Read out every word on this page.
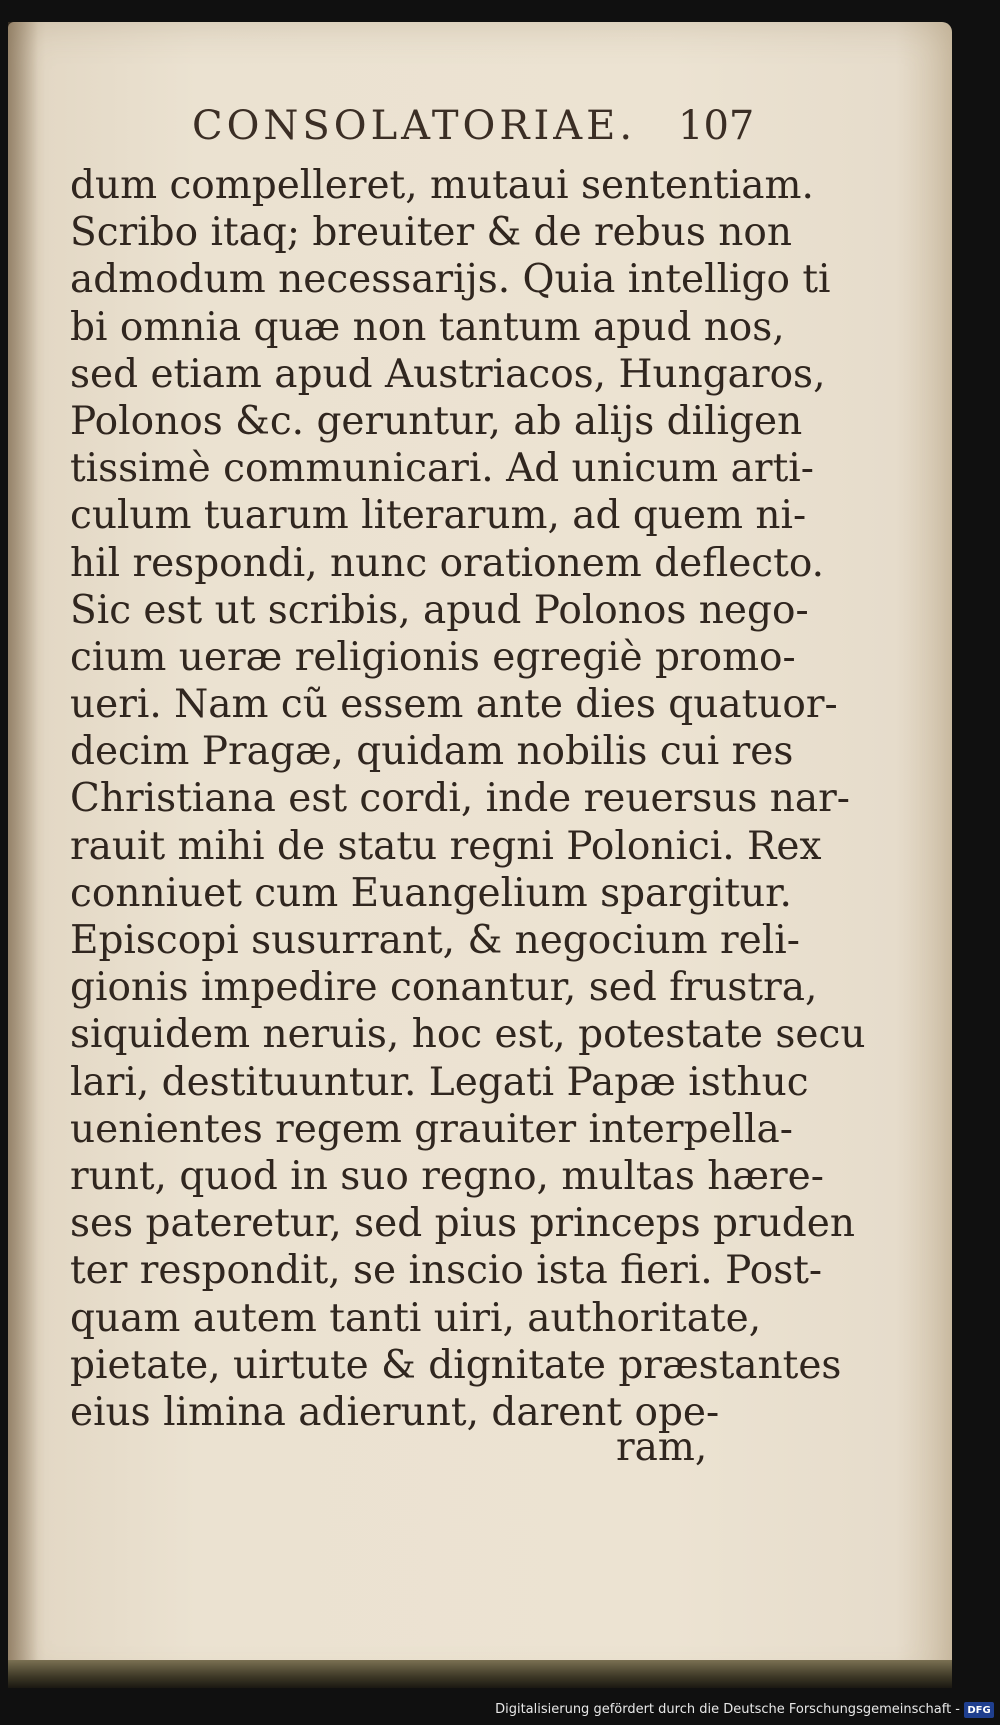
CONSOLATORIAE. 107
dum compelleret, mutaui sententiam.
Scribo itaq; breuiter & de rebus non
admodum necessarijs. Quia intelligo ti
bi omnia quæ non tantum apud nos,
sed etiam apud Austriacos, Hungaros,
Polonos &c. geruntur, ab alijs diligen
tissimè communicari. Ad unicum arti-
culum tuarum literarum, ad quem ni-
hil respondi, nunc orationem deflecto.
Sic est ut scribis, apud Polonos nego-
cium ueræ religionis egregiè promo-
ueri. Nam cũ essem ante dies quatuor-
decim Pragæ, quidam nobilis cui res
Christiana est cordi, inde reuersus nar-
rauit mihi de statu regni Polonici. Rex
conniuet cum Euangelium spargitur.
Episcopi susurrant, & negocium reli-
gionis impedire conantur, sed frustra,
siquidem neruis, hoc est, potestate secu
lari, destituuntur. Legati Papæ isthuc
uenientes regem grauiter interpella-
runt, quod in suo regno, multas hære-
ses pateretur, sed pius princeps pruden
ter respondit, se inscio ista fieri. Post-
quam autem tanti uiri, authoritate,
pietate, uirtute & dignitate præstantes
eius limina adierunt, darent ope-
ram,
Digitalisierung gefördert durch die Deutsche Forschungsgemeinschaft - DFG
